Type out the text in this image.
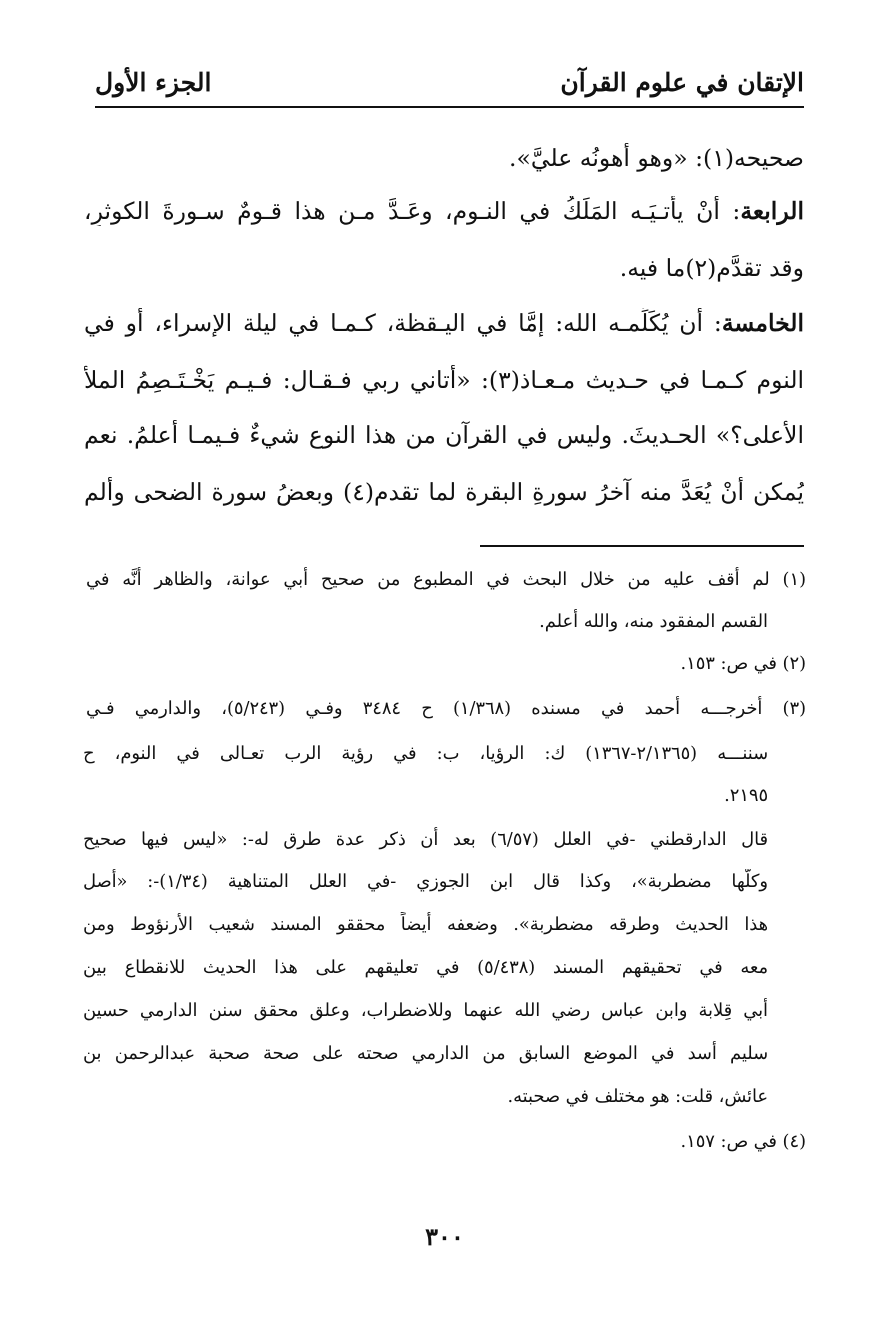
الإتقان في علوم القرآن
الجزء الأول
صحيحه(١): «وهو أهونُه عليَّ».
الرابعة: أَنْ يأتـيَـه المَلَكُ في النـوم، وعَـدَّ مـن هذا قـومٌ سـورةَ الكوثرِ،
وقد تقدَّم(٢)ما فيه.
الخامسة: أن يُكَلِّمـه الله: إمَّا في اليـقظة، كـمـا في ليلة الإسراء، أو في
النوم كـمـا في حـديث مـعـاذ(٣): «أتاني ربي فـقـال: فـيـم يَخْـتَـصِمُ الملأ
الأعلى؟» الحـديثَ. وليس في القرآن من هذا النوعِ شيءٌ فـيمـا أعلمُ. نعم
يُمكن أَنْ يُعَدَّ منه آخرُ سورةِ البقرة لما تقدم(٤) وبعضُ سورة الضحى وألم
(١) لم أقف عليه من خلال البحث في المطبوع من صحيح أبي عوانة، والظاهر أنَّه في
القسم المفقود منه، والله أعلم.
(٢) في ص: ١٥٣.
(٣) أخرجـــه أحمد في مسنده (١/٣٦٨) ح ٣٤٨٤ وفـي (٥/٢٤٣)، والدارمي فـي
سننـــه (٢/١٣٦٥-١٣٦٧) ك: الرؤيا، ب: في رؤية الرب تعـالى في النوم، ح
٢١٩٥.
قال الدارقطني -في العلل (٦/٥٧) بعد أن ذكر عدة طرق له-: «ليس فيها صحيح
وكلّها مضطربة»، وكذا قال ابن الجوزي -في العلل المتناهية (١/٣٤)-: «أصل
هذا الحديث وطرقه مضطربة». وضعفه أيضاً محققو المسند شعيب الأرنؤوط ومن
معه في تحقيقهم المسند (٥/٤٣٨) في تعليقهم على هذا الحديث للانقطاع بين
أبي قِلابة وابن عباس رضي الله عنهما وللاضطراب، وعلق محقق سنن الدارمي حسين
سليم أسد في الموضع السابق من الدارمي صحته على صحة صحبة عبدالرحمن بن
عائش، قلت: هو مختلف في صحبته.
(٤) في ص: ١٥٧.
٣٠٠
